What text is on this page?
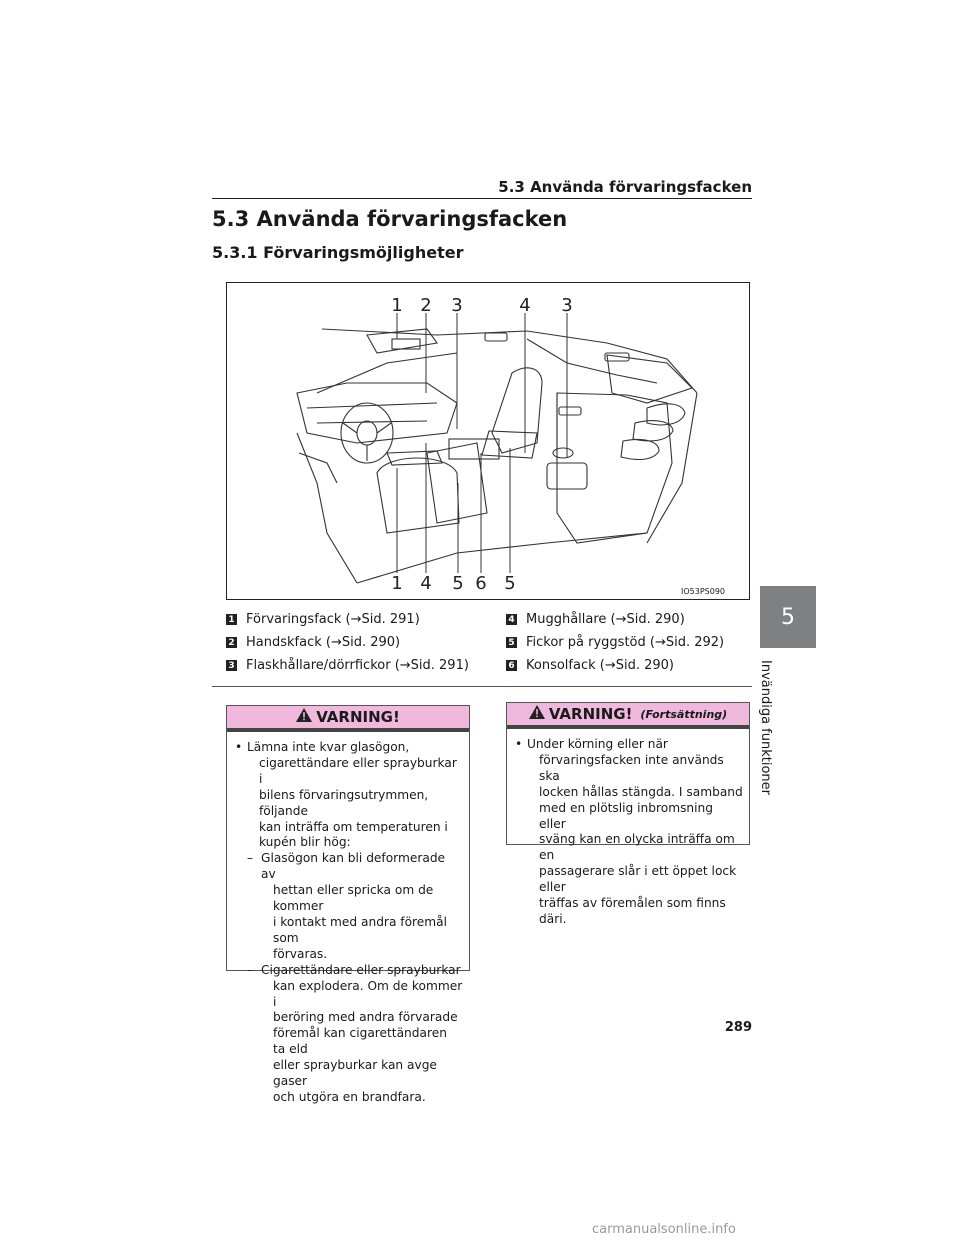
5.3 Använda förvaringsfacken
5.3 Använda förvaringsfacken
5.3.1 Förvaringsmöjligheter
1 2 3	4 3
1 4 5 6 5	IO53PS090
1 Förvaringsfack (→Sid. 291)
2 Handskfack (→Sid. 290)
3 Flaskhållare/dörrfickor (→Sid. 291)
4 Mugghållare (→Sid. 290)
5 Fickor på ryggstöd (→Sid. 292)
6 Konsolfack (→Sid. 290)
VARNING!
• Lämna inte kvar glasögon,
cigarettändare eller sprayburkar i
bilens förvaringsutrymmen, följande
kan inträffa om temperaturen i
kupén blir hög:
– Glasögon kan bli deformerade av
hettan eller spricka om de kommer
i kontakt med andra föremål som
förvaras.
– Cigarettändare eller sprayburkar
kan explodera. Om de kommer i
beröring med andra förvarade
föremål kan cigarettändaren ta eld
eller sprayburkar kan avge gaser
och utgöra en brandfara.
VARNING! (Fortsättning)
• Under körning eller när
förvaringsfacken inte används ska
locken hållas stängda. I samband
med en plötslig inbromsning eller
sväng kan en olycka inträffa om en
passagerare slår i ett öppet lock eller
träffas av föremålen som finns däri.
5
Invändiga funktioner
289
carmanualsonline.info
